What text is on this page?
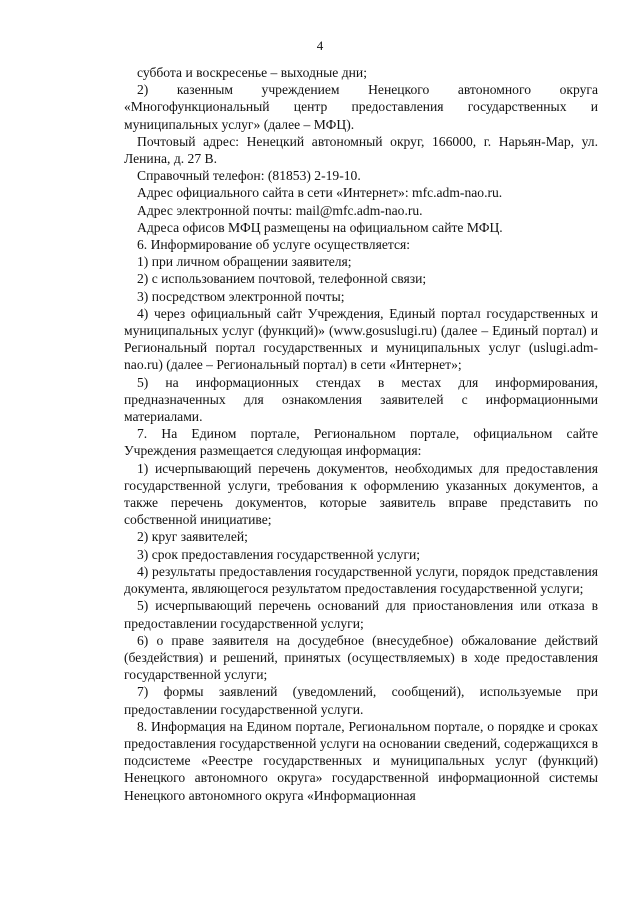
4

суббота и воскресенье – выходные дни;

2) казенным учреждением Ненецкого автономного округа «Многофункциональный центр предоставления государственных и муниципальных услуг» (далее – МФЦ).

Почтовый адрес: Ненецкий автономный округ, 166000, г. Нарьян-Мар, ул. Ленина, д. 27 В.

Справочный телефон: (81853) 2-19-10.

Адрес официального сайта в сети «Интернет»: mfc.adm-nao.ru.

Адрес электронной почты: mail@mfc.adm-nao.ru.

Адреса офисов МФЦ размещены на официальном сайте МФЦ.

6. Информирование об услуге осуществляется:

1) при личном обращении заявителя;

2) с использованием почтовой, телефонной связи;

3) посредством электронной почты;

4) через официальный сайт Учреждения, Единый портал государственных и муниципальных услуг (функций)» (www.gosuslugi.ru) (далее – Единый портал) и Региональный портал государственных и муниципальных услуг (uslugi.adm-nao.ru) (далее – Региональный портал) в сети «Интернет»;

5) на информационных стендах в местах для информирования, предназначенных для ознакомления заявителей с информационными материалами.

7. На Едином портале, Региональном портале, официальном сайте Учреждения размещается следующая информация:

1) исчерпывающий перечень документов, необходимых для предоставления государственной услуги, требования к оформлению указанных документов, а также перечень документов, которые заявитель вправе представить по собственной инициативе;

2) круг заявителей;

3) срок предоставления государственной услуги;

4) результаты предоставления государственной услуги, порядок представления документа, являющегося результатом предоставления государственной услуги;

5) исчерпывающий перечень оснований для приостановления или отказа в предоставлении государственной услуги;

6) о праве заявителя на досудебное (внесудебное) обжалование действий (бездействия) и решений, принятых (осуществляемых) в ходе предоставления государственной услуги;

7) формы заявлений (уведомлений, сообщений), используемые при предоставлении государственной услуги.

8. Информация на Едином портале, Региональном портале, о порядке и сроках предоставления государственной услуги на основании сведений, содержащихся в подсистеме «Реестре государственных и муниципальных услуг (функций) Ненецкого автономного округа» государственной информационной системы Ненецкого автономного округа «Информационная
